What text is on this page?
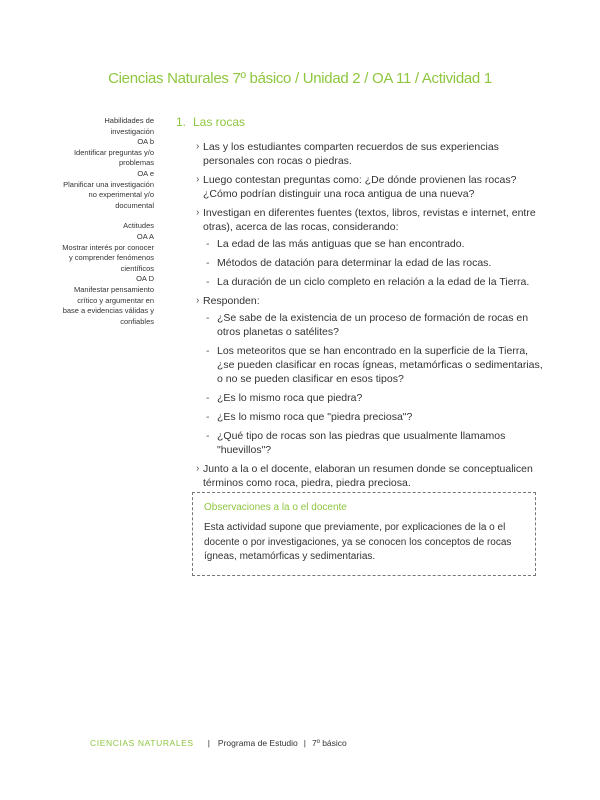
Ciencias Naturales 7º básico / Unidad 2 / OA 11 / Actividad 1
Habilidades de
investigación
OA b
Identificar preguntas y/o
problemas
OA e
Planificar una investigación
no experimental y/o
documental
Actitudes
OA A
Mostrar interés por conocer
y comprender fenómenos
científicos
OA D
Manifestar pensamiento
crítico y argumentar en
base a evidencias válidas y
confiables
1. Las rocas
› Las y los estudiantes comparten recuerdos de sus experiencias personales con rocas o piedras.
› Luego contestan preguntas como: ¿De dónde provienen las rocas? ¿Cómo podrían distinguir una roca antigua de una nueva?
› Investigan en diferentes fuentes (textos, libros, revistas e internet, entre otras), acerca de las rocas, considerando:
- La edad de las más antiguas que se han encontrado.
- Métodos de datación para determinar la edad de las rocas.
- La duración de un ciclo completo en relación a la edad de la Tierra.
› Responden:
- ¿Se sabe de la existencia de un proceso de formación de rocas en otros planetas o satélites?
- Los meteoritos que se han encontrado en la superficie de la Tierra, ¿se pueden clasificar en rocas ígneas, metamórficas o sedimentarias, o no se pueden clasificar en esos tipos?
- ¿Es lo mismo roca que piedra?
- ¿Es lo mismo roca que "piedra preciosa"?
- ¿Qué tipo de rocas son las piedras que usualmente llamamos "huevillos"?
› Junto a la o el docente, elaboran un resumen donde se conceptualicen términos como roca, piedra, piedra preciosa.
Observaciones a la o el docente
Esta actividad supone que previamente, por explicaciones de la o el docente o por investigaciones, ya se conocen los conceptos de rocas ígneas, metamórficas y sedimentarias.
CIENCIAS NATURALES | Programa de Estudio | 7º básico
